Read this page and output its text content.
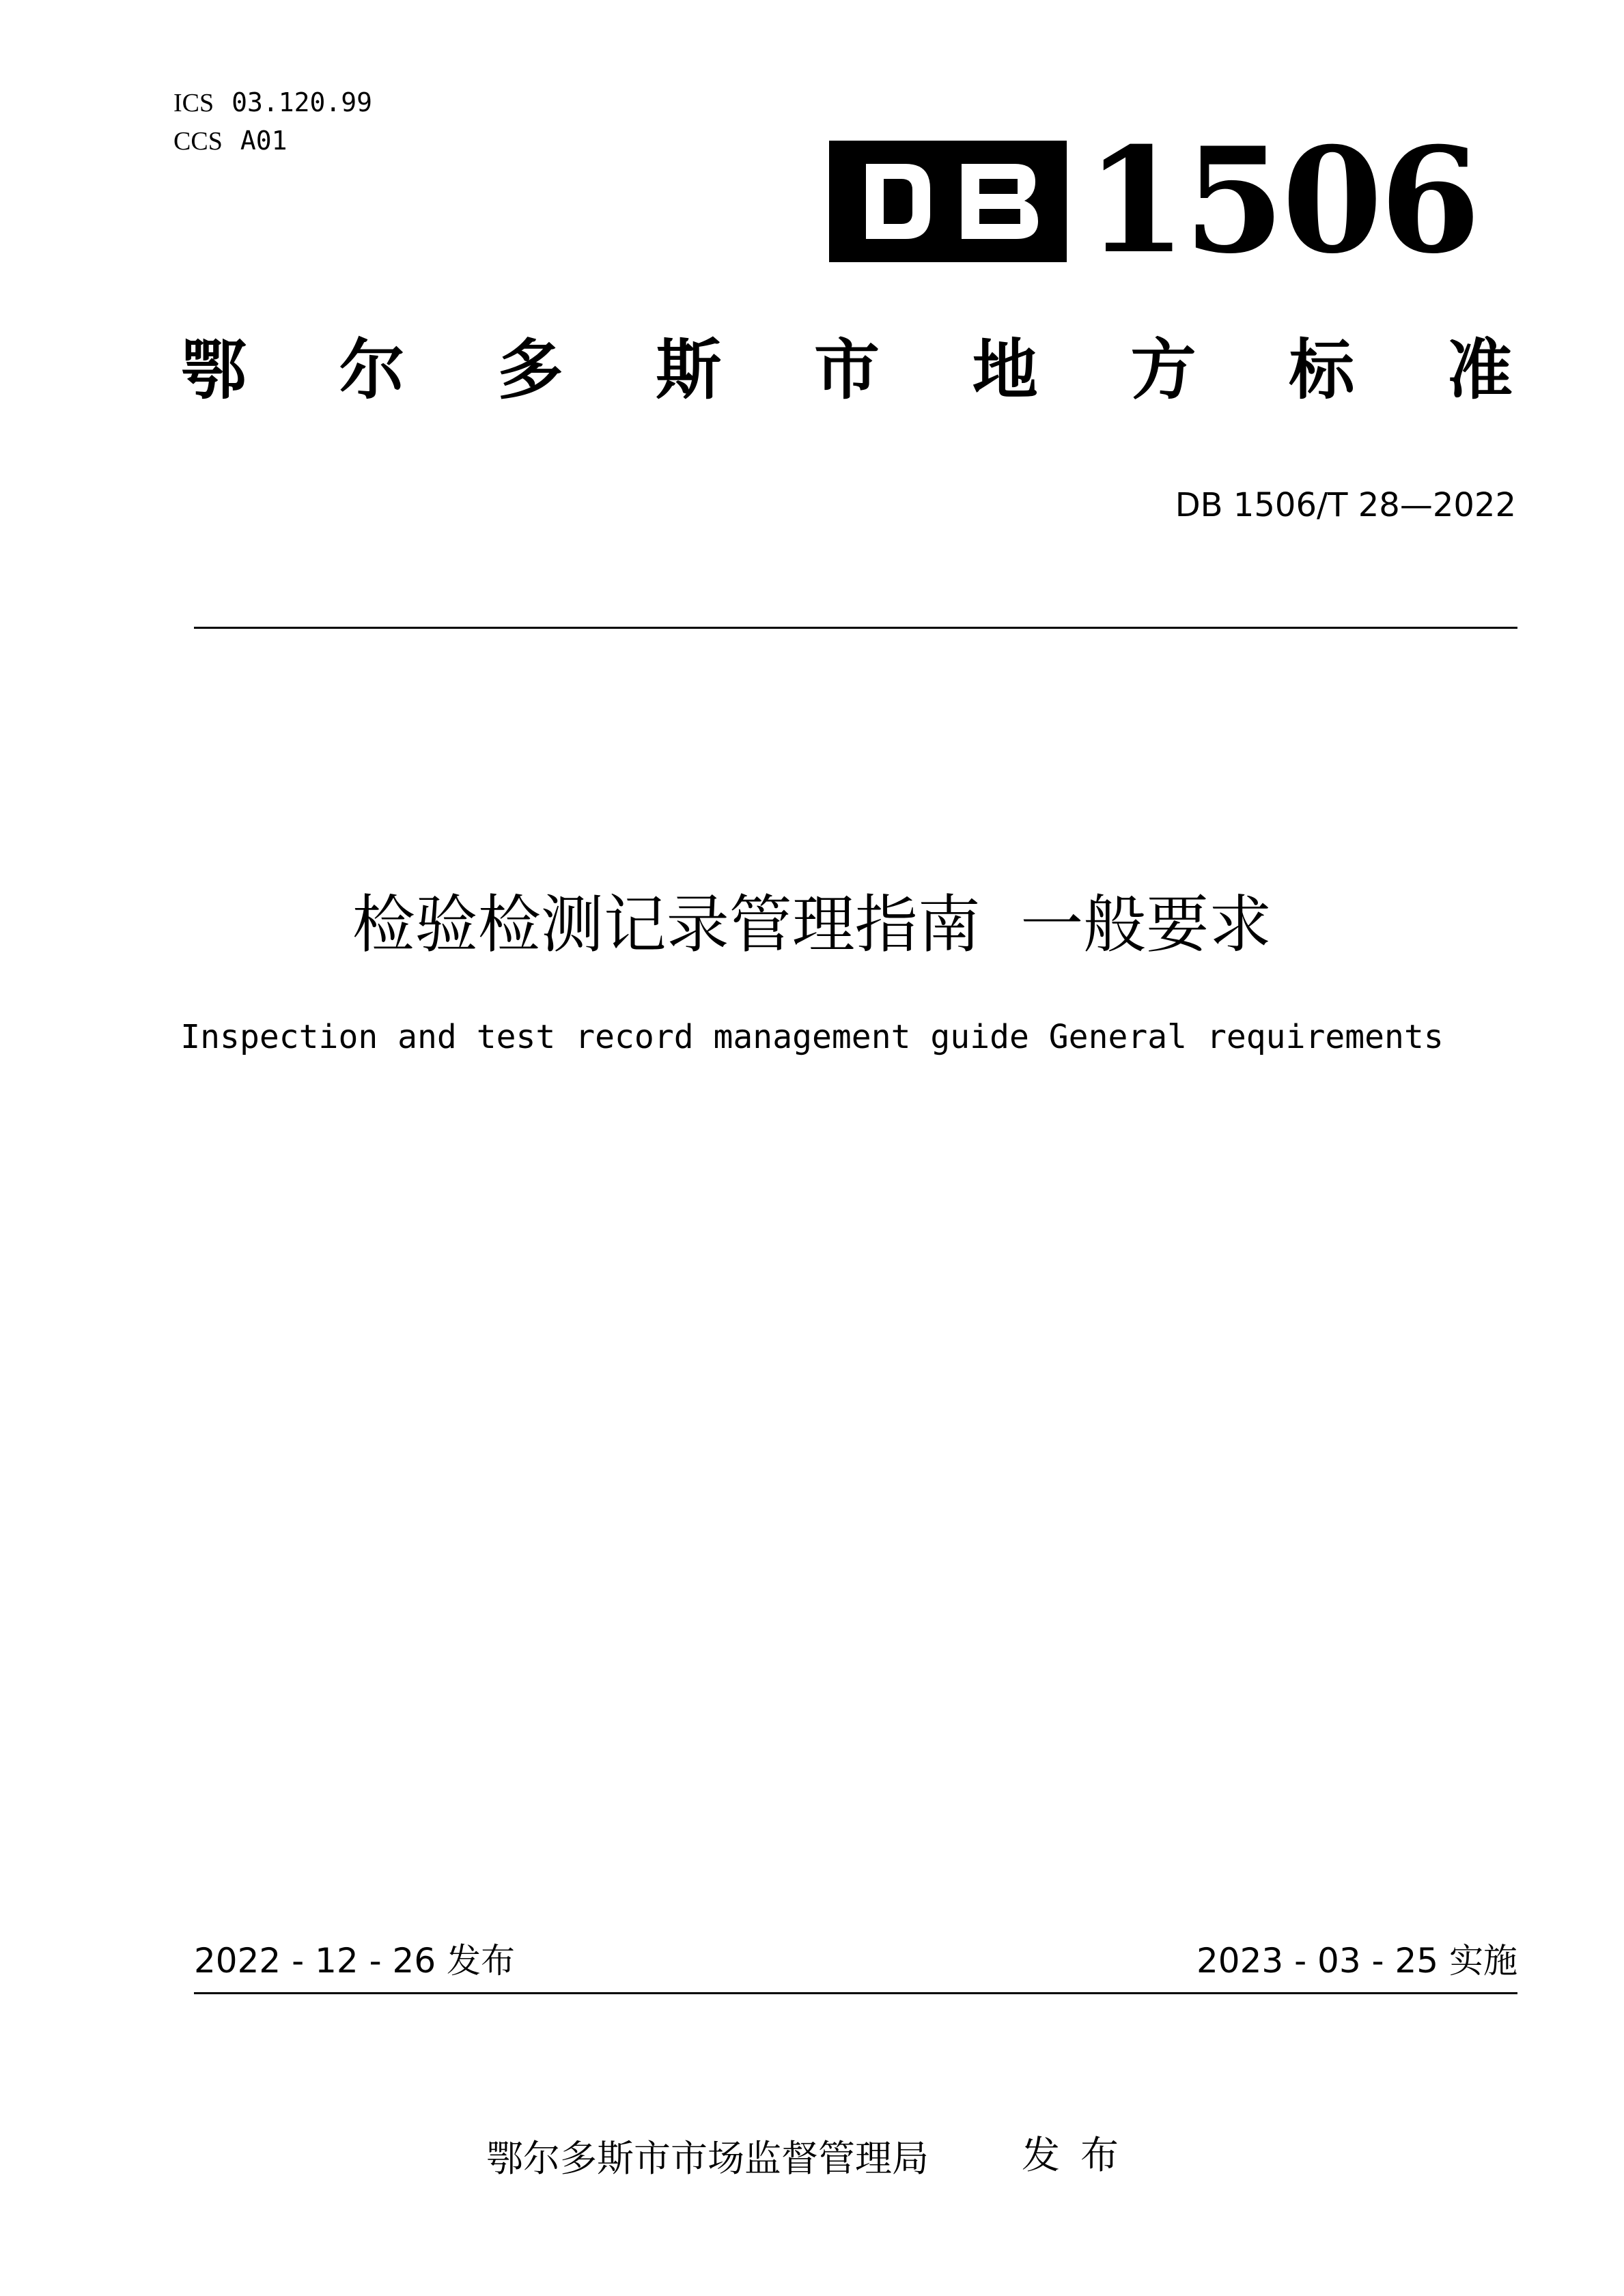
ICS 03.120.99
CCS A01	1506
鄂 尔 多 斯 市 地 方 标 准
DB 1506/T 28—2022
检验检测记录管理指南  一般要求
Inspection and test record management guide General requirements
2022 - 12 - 26 发布	2023 - 03 - 25 实施
鄂尔多斯市市场监督管理局 发布
